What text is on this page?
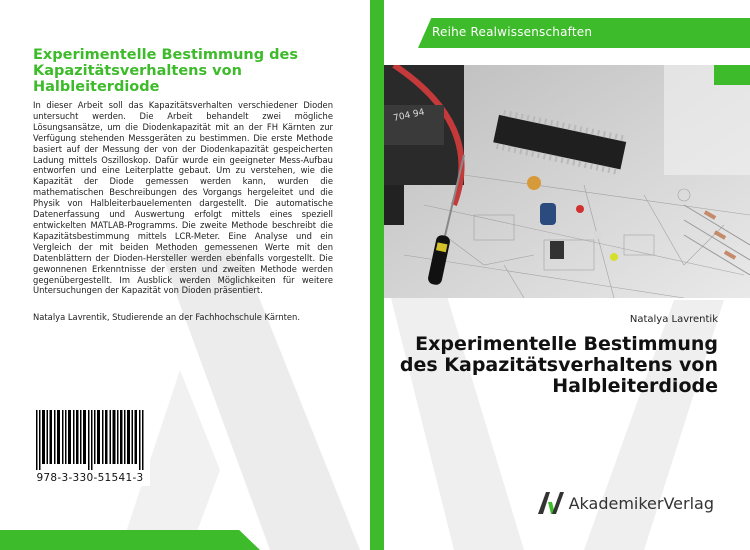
Experimentelle Bestimmung des Kapazitätsverhaltens von Halbleiterdiode
In dieser Arbeit soll das Kapazitätsverhalten verschiedener Dioden untersucht werden. Die Arbeit behandelt zwei mögliche Lösungsansätze, um die Diodenkapazität mit an der FH Kärnten zur Verfügung stehenden Messgeräten zu bestimmen. Die erste Methode basiert auf der Messung der von der Diodenkapazität gespeicherten Ladung mittels Oszilloskop. Dafür wurde ein geeigneter Mess-Aufbau entworfen und eine Leiterplatte gebaut. Um zu verstehen, wie die Kapazität der Diode gemessen werden kann, wurden die mathematischen Beschreibungen des Vorgangs hergeleitet und die Physik von Halbleiterbauelementen dargestellt. Die automatische Datenerfassung und Auswertung erfolgt mittels eines speziell entwickelten MATLAB-Programms. Die zweite Methode beschreibt die Kapazitätsbestimmung mittels LCR-Meter. Eine Analyse und ein Vergleich der mit beiden Methoden gemessenen Werte mit den Datenblättern der Dioden-Hersteller werden ebenfalls vorgestellt. Die gewonnenen Erkenntnisse der ersten und zweiten Methode werden gegenübergestellt. Im Ausblick werden Möglichkeiten für weitere Untersuchungen der Kapazität von Dioden präsentiert.
Natalya Lavrentik, Studierende an der Fachhochschule Kärnten.
978-3-330-51541-3
Reihe Realwissenschaften
704 94
Natalya Lavrentik
Experimentelle Bestimmung
des Kapazitätsverhaltens von
Halbleiterdiode
AkademikerVerlag
